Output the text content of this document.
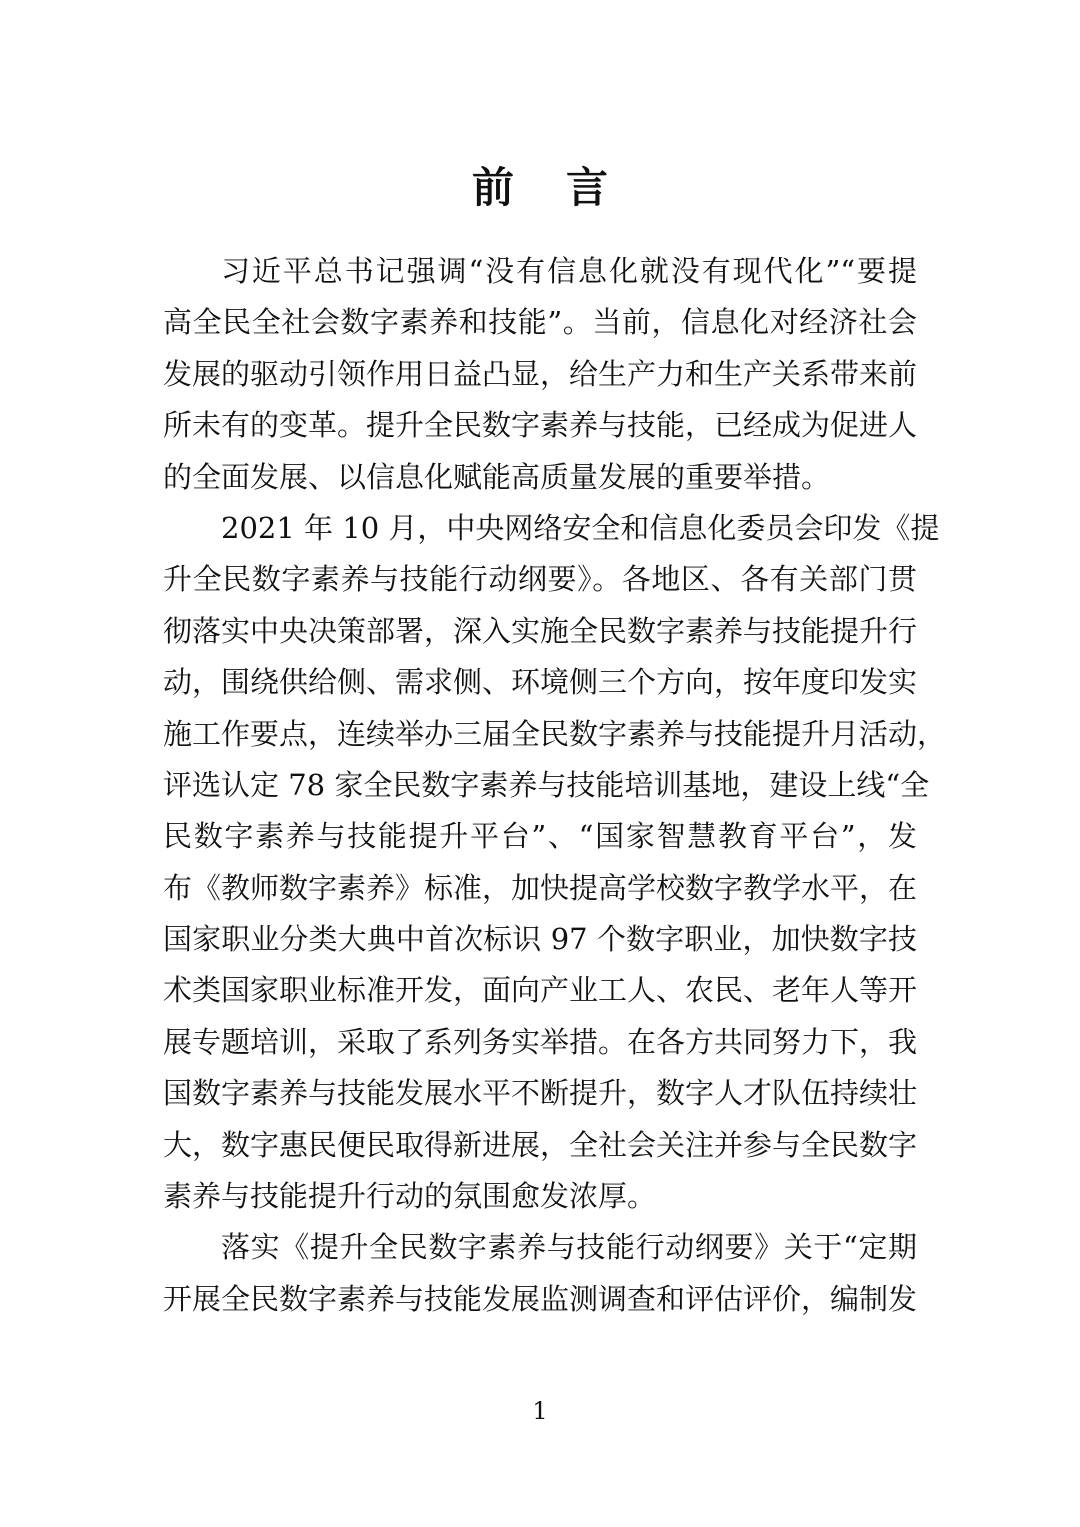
前 言
习近平总书记强调“没有信息化就没有现代化”“要提
高全民全社会数字素养和技能”。当前，信息化对经济社会
发展的驱动引领作用日益凸显，给生产力和生产关系带来前
所未有的变革。提升全民数字素养与技能，已经成为促进人
的全面发展、以信息化赋能高质量发展的重要举措。
2021 年 10 月，中央网络安全和信息化委员会印发《提
升全民数字素养与技能行动纲要》。各地区、各有关部门贯
彻落实中央决策部署，深入实施全民数字素养与技能提升行
动，围绕供给侧、需求侧、环境侧三个方向，按年度印发实
施工作要点，连续举办三届全民数字素养与技能提升月活动，
评选认定 78 家全民数字素养与技能培训基地，建设上线“全
民数字素养与技能提升平台”、“国家智慧教育平台”，发
布《教师数字素养》标准，加快提高学校数字教学水平，在
国家职业分类大典中首次标识 97 个数字职业，加快数字技
术类国家职业标准开发，面向产业工人、农民、老年人等开
展专题培训，采取了系列务实举措。在各方共同努力下，我
国数字素养与技能发展水平不断提升，数字人才队伍持续壮
大，数字惠民便民取得新进展，全社会关注并参与全民数字
素养与技能提升行动的氛围愈发浓厚。
落实《提升全民数字素养与技能行动纲要》关于“定期
开展全民数字素养与技能发展监测调查和评估评价，编制发
1
